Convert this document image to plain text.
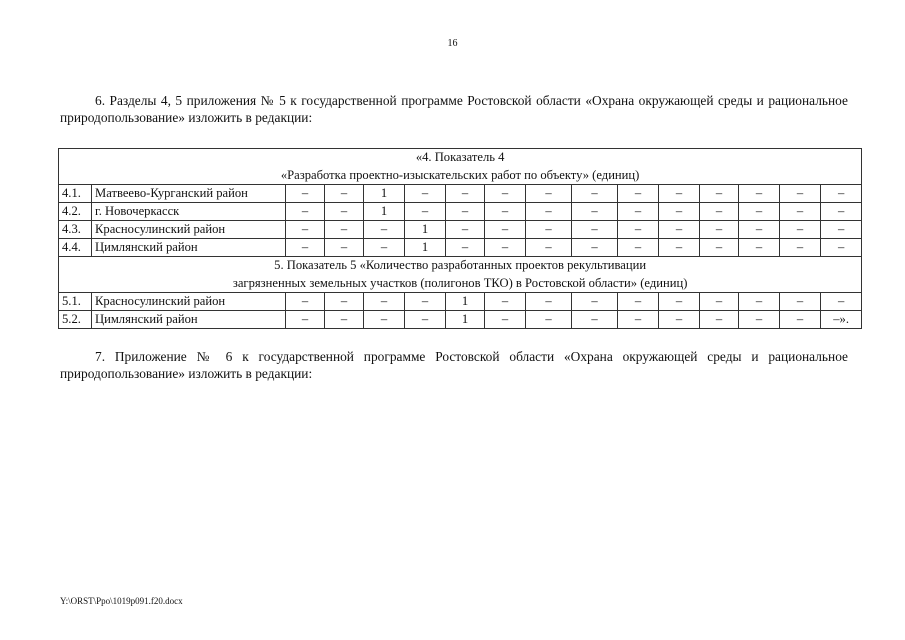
16

6. Разделы 4, 5 приложения № 5 к государственной программе Ростовской области «Охрана окружающей среды и рациональное природопользование» изложить в редакции:

«4. Показатель 4
«Разработка проектно-изыскательских работ по объекту» (единиц)															

4.1.	Матвеево-Курганский район	–	–	1	–	–	–	–	–	–	–	–	–	–	–
4.2.	г. Новочеркасск	–	–	1	–	–	–	–	–	–	–	–	–	–	–
4.3.	Красносулинский район	–	–	–	1	–	–	–	–	–	–	–	–	–	–
4.4.	Цимлянский район	–	–	–	1	–	–	–	–	–	–	–	–	–	–

5. Показатель 5 «Количество разработанных проектов рекультивации
загрязненных земельных участков (полигонов ТКО) в Ростовской области» (единиц)															

5.1.	Красносулинский район	–	–	–	–	1	–	–	–	–	–	–	–	–	–
5.2.	Цимлянский район	–	–	–	–	1	–	–	–	–	–	–	–	–	–».

7. Приложение № 6 к государственной программе Ростовской области «Охрана окружающей среды и рациональное природопользование» изложить в редакции:

Y:\ORST\Ppo\1019p091.f20.docx
